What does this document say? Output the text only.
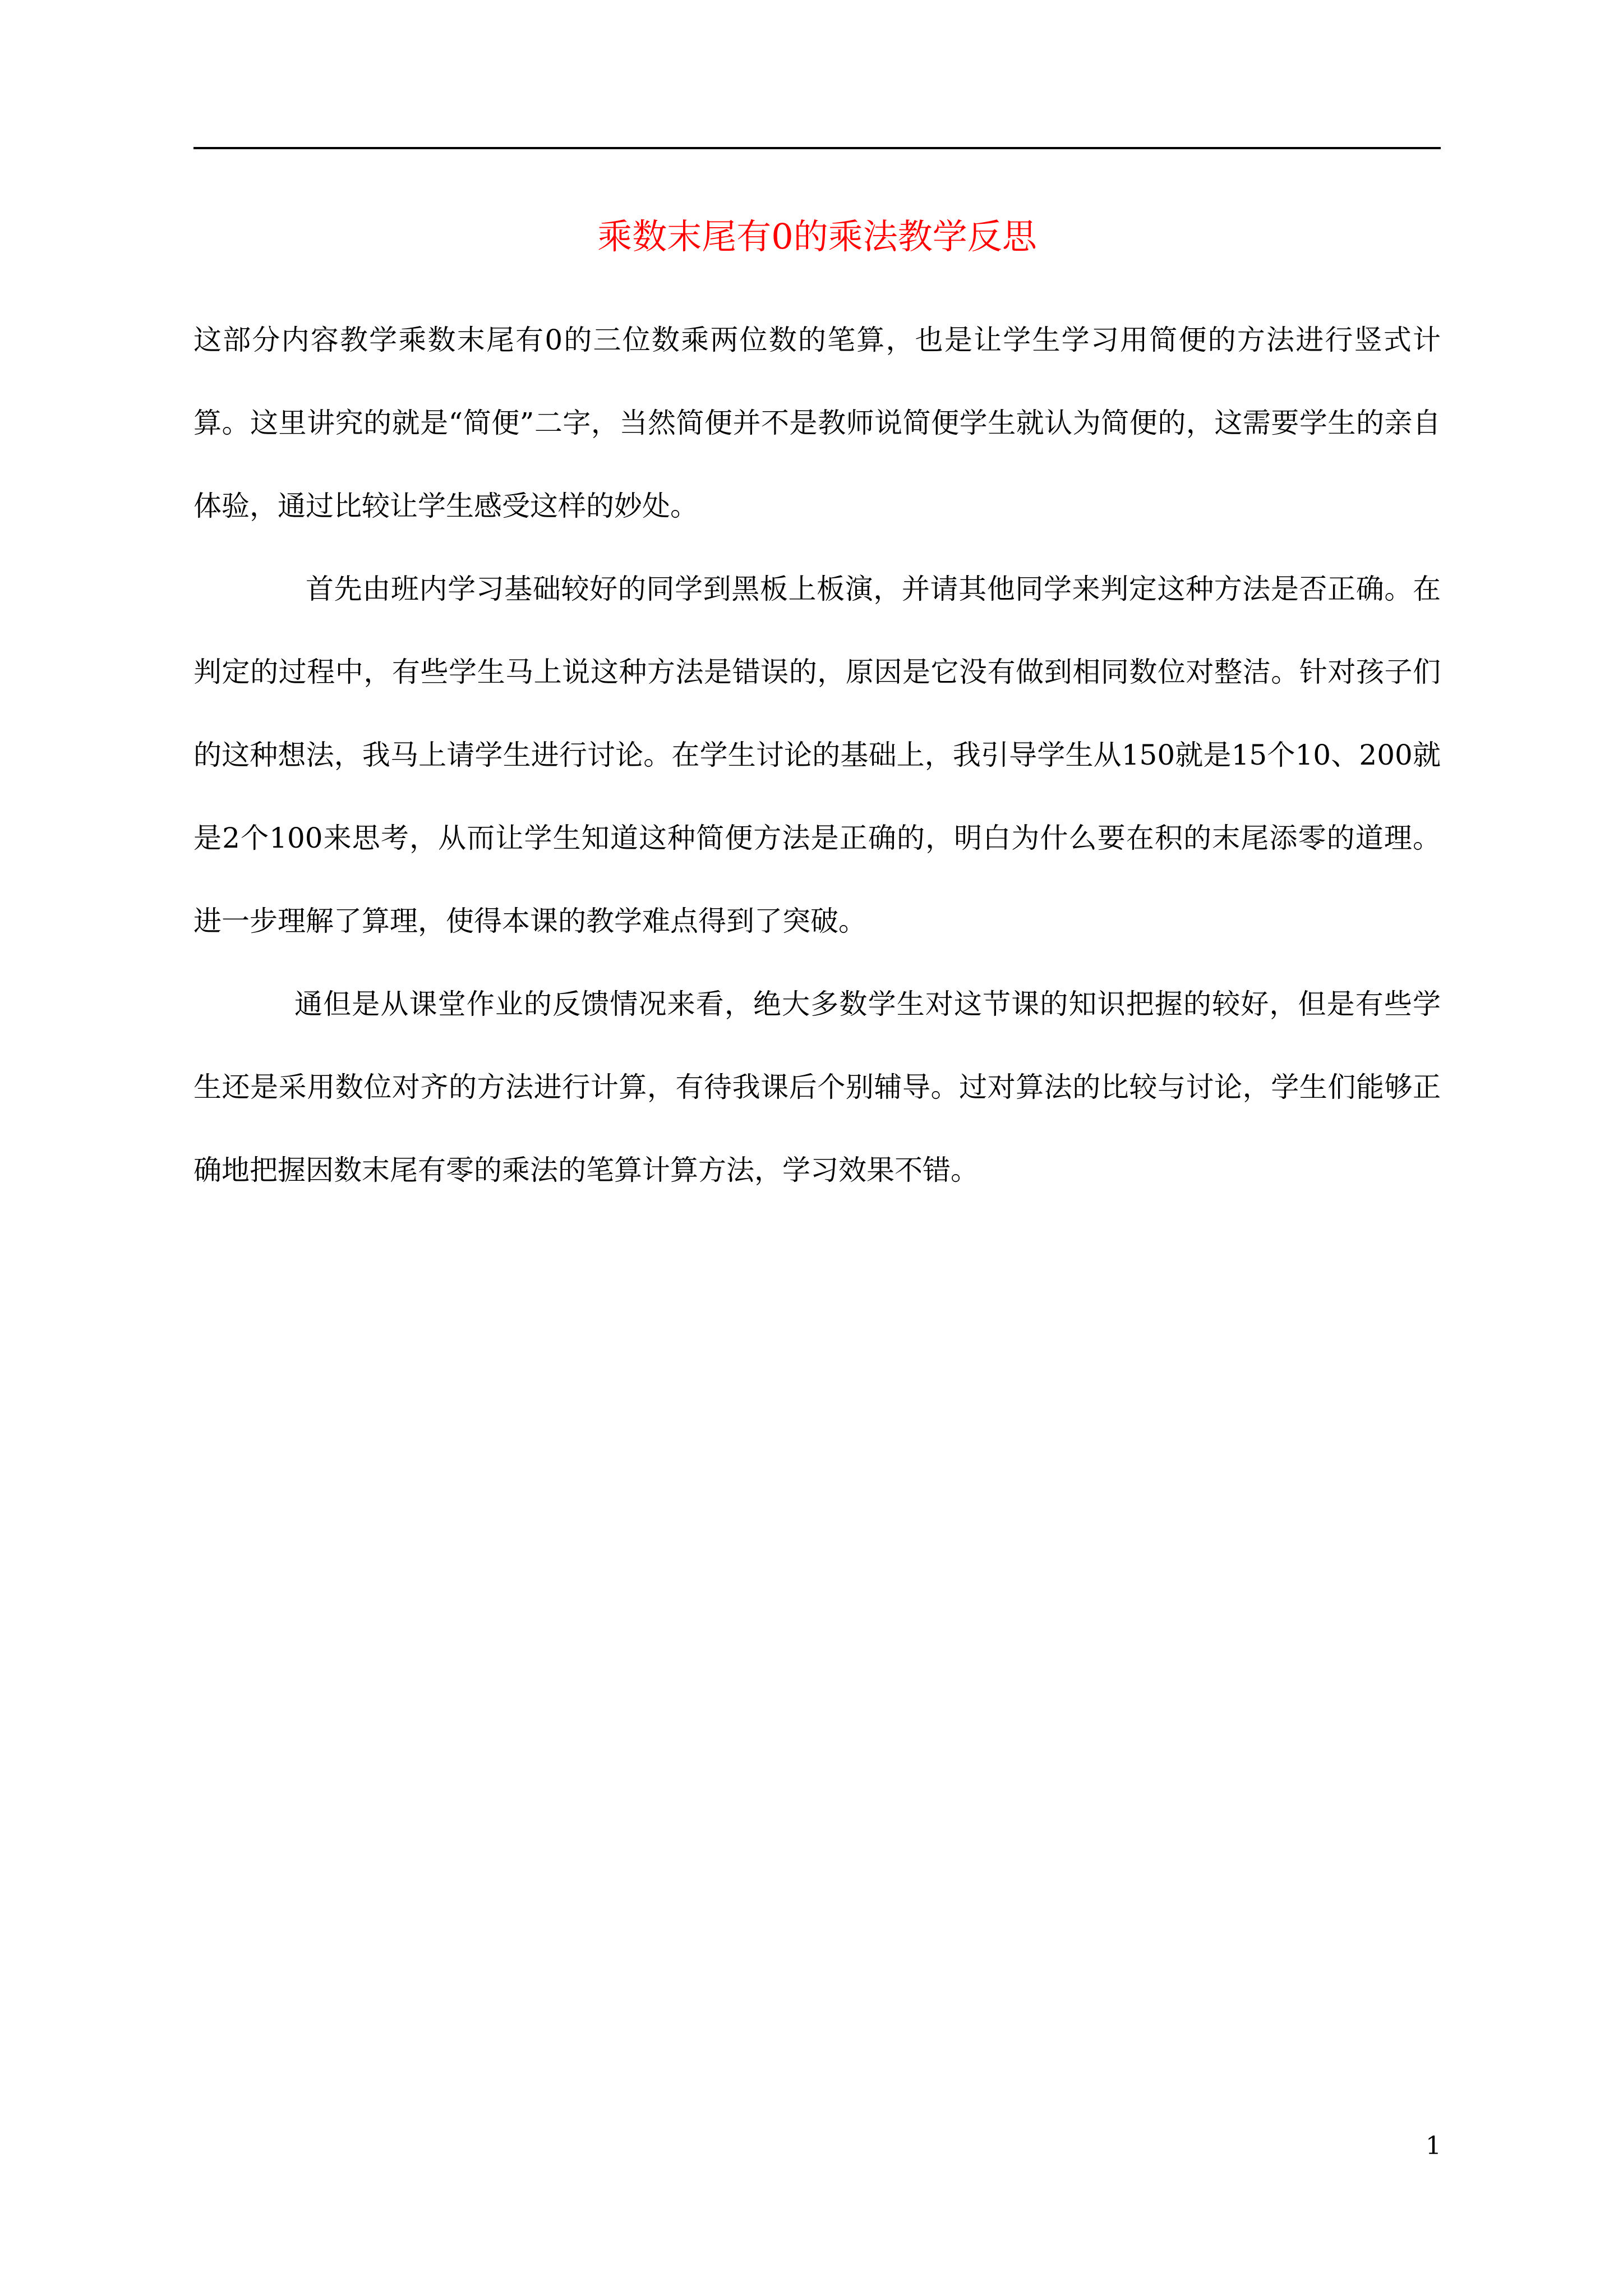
乘数末尾有0的乘法教学反思

这部分内容教学乘数末尾有0的三位数乘两位数的笔算，也是让学生学习用简便的方法进行竖式计算。这里讲究的就是“简便”二字，当然简便并不是教师说简便学生就认为简便的，这需要学生的亲自体验，通过比较让学生感受这样的妙处。

首先由班内学习基础较好的同学到黑板上板演，并请其他同学来判定这种方法是否正确。在判定的过程中，有些学生马上说这种方法是错误的，原因是它没有做到相同数位对整洁。针对孩子们的这种想法，我马上请学生进行讨论。在学生讨论的基础上，我引导学生从150就是15个10、200就是2个100来思考，从而让学生知道这种简便方法是正确的，明白为什么要在积的末尾添零的道理。进一步理解了算理，使得本课的教学难点得到了突破。

通但是从课堂作业的反馈情况来看，绝大多数学生对这节课的知识把握的较好，但是有些学生还是采用数位对齐的方法进行计算，有待我课后个别辅导。过对算法的比较与讨论，学生们能够正确地把握因数末尾有零的乘法的笔算计算方法，学习效果不错。

1
